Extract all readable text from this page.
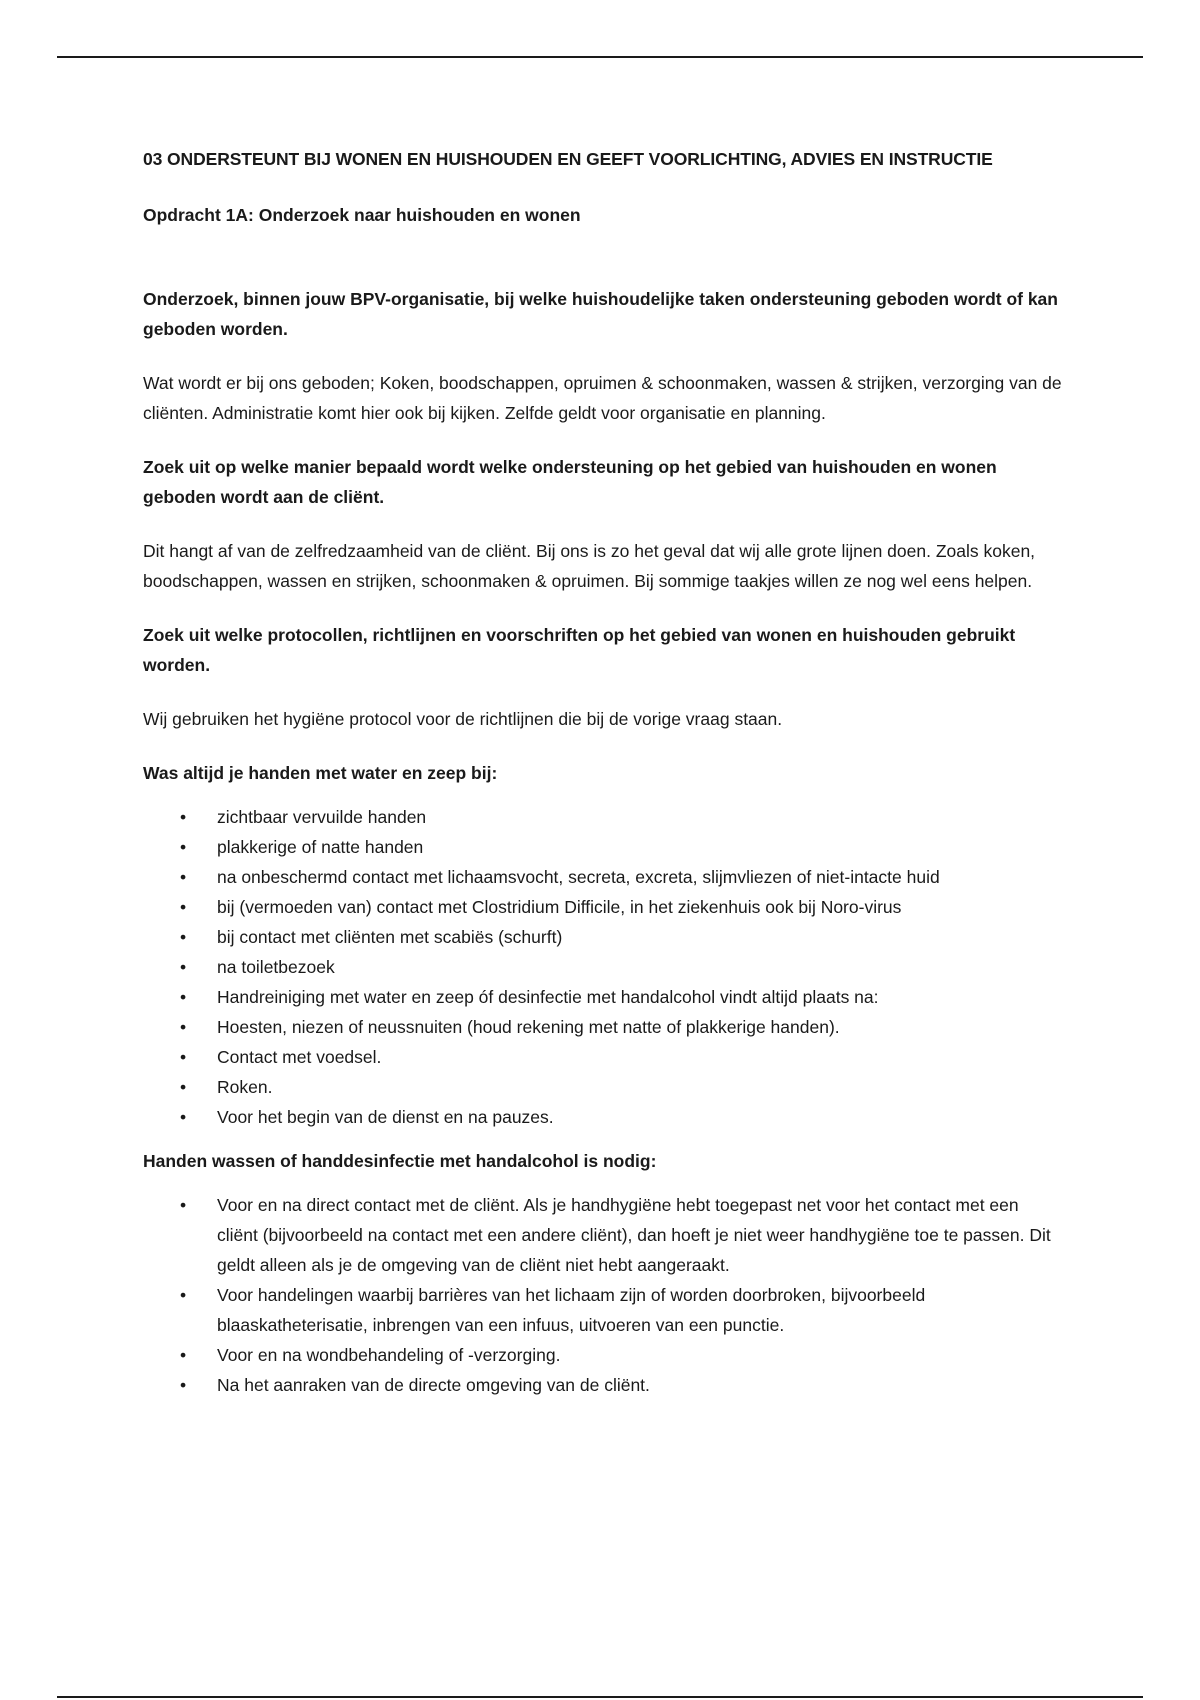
03 ONDERSTEUNT BIJ WONEN EN HUISHOUDEN EN GEEFT VOORLICHTING, ADVIES EN INSTRUCTIE

Opdracht 1A: Onderzoek naar huishouden en wonen

Onderzoek, binnen jouw BPV-organisatie, bij welke huishoudelijke taken ondersteuning geboden wordt of kan geboden worden.

Wat wordt er bij ons geboden; Koken, boodschappen, opruimen & schoonmaken, wassen & strijken, verzorging van de cliënten. Administratie komt hier ook bij kijken. Zelfde geldt voor organisatie en planning.

Zoek uit op welke manier bepaald wordt welke ondersteuning op het gebied van huishouden en wonen geboden wordt aan de cliënt.

Dit hangt af van de zelfredzaamheid van de cliënt. Bij ons is zo het geval dat wij alle grote lijnen doen. Zoals koken, boodschappen, wassen en strijken, schoonmaken & opruimen. Bij sommige taakjes willen ze nog wel eens helpen.

Zoek uit welke protocollen, richtlijnen en voorschriften op het gebied van wonen en huishouden gebruikt worden.

Wij gebruiken het hygiëne protocol voor de richtlijnen die bij de vorige vraag staan.

Was altijd je handen met water en zeep bij:

• zichtbaar vervuilde handen
• plakkerige of natte handen
• na onbeschermd contact met lichaamsvocht, secreta, excreta, slijmvliezen of niet-intacte huid
• bij (vermoeden van) contact met Clostridium Difficile, in het ziekenhuis ook bij Noro-virus
• bij contact met cliënten met scabiës (schurft)
• na toiletbezoek
• Handreiniging met water en zeep óf desinfectie met handalcohol vindt altijd plaats na:
• Hoesten, niezen of neussnuiten (houd rekening met natte of plakkerige handen).
• Contact met voedsel.
• Roken.
• Voor het begin van de dienst en na pauzes.

Handen wassen of handdesinfectie met handalcohol is nodig:

• Voor en na direct contact met de cliënt. Als je handhygiëne hebt toegepast net voor het contact met een cliënt (bijvoorbeeld na contact met een andere cliënt), dan hoeft je niet weer handhygiëne toe te passen. Dit geldt alleen als je de omgeving van de cliënt niet hebt aangeraakt.
• Voor handelingen waarbij barrières van het lichaam zijn of worden doorbroken, bijvoorbeeld blaaskatheterisatie, inbrengen van een infuus, uitvoeren van een punctie.
• Voor en na wondbehandeling of -verzorging.
• Na het aanraken van de directe omgeving van de cliënt.
